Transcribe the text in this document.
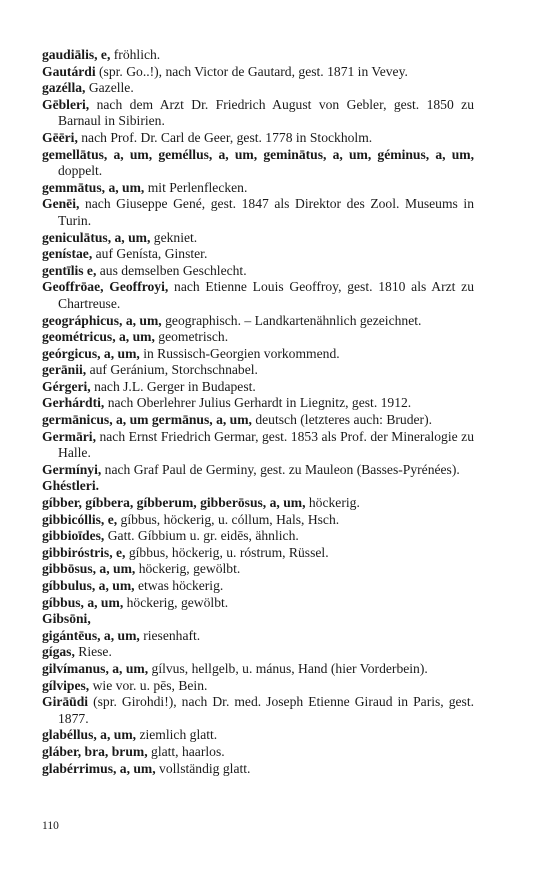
gaudiālis, e, fröhlich.
Gautárdi (spr. Go..!), nach Victor de Gautard, gest. 1871 in Vevey.
gazélla, Gazelle.
Gēbleri, nach dem Arzt Dr. Friedrich August von Gebler, gest. 1850 zu Barnaul in Sibirien.
Gēēri, nach Prof. Dr. Carl de Geer, gest. 1778 in Stockholm.
gemellātus, a, um, geméllus, a, um, geminātus, a, um, géminus, a, um, doppelt.
gemmātus, a, um, mit Perlenflecken.
Genēi, nach Giuseppe Gené, gest. 1847 als Direktor des Zool. Museums in Turin.
geniculātus, a, um, gekniet.
genístae, auf Genísta, Ginster.
gentīlis e, aus demselben Geschlecht.
Geoffrōae, Geoffroyi, nach Etienne Louis Geoffroy, gest. 1810 als Arzt zu Chartreuse.
geográphicus, a, um, geographisch. – Landkartenähnlich gezeichnet.
geométricus, a, um, geometrisch.
geórgicus, a, um, in Russisch-Georgien vorkommend.
gerānii, auf Geránium, Storchschnabel.
Gérgeri, nach J.L. Gerger in Budapest.
Gerhárdti, nach Oberlehrer Julius Gerhardt in Liegnitz, gest. 1912.
germānicus, a, um germānus, a, um, deutsch (letzteres auch: Bruder).
Germāri, nach Ernst Friedrich Germar, gest. 1853 als Prof. der Mineralogie zu Halle.
Germínyi, nach Graf Paul de Germiny, gest. zu Mauleon (Basses-Pyrénées).
Ghéstleri.
gíbber, gíbbera, gíbberum, gibberōsus, a, um, höckerig.
gibbicóllis, e, gíbbus, höckerig, u. cóllum, Hals, Hsch.
gibbioīdes, Gatt. Gíbbium u. gr. eidēs, ähnlich.
gibbiróstris, e, gíbbus, höckerig, u. róstrum, Rüssel.
gibbōsus, a, um, höckerig, gewölbt.
gíbbulus, a, um, etwas höckerig.
gíbbus, a, um, höckerig, gewölbt.
Gibsōni,
gigántēus, a, um, riesenhaft.
gígas, Riese.
gilvímanus, a, um, gílvus, hellgelb, u. mánus, Hand (hier Vorderbein).
gílvipes, wie vor. u. pēs, Bein.
Girāūdi (spr. Girohdi!), nach Dr. med. Joseph Etienne Giraud in Paris, gest. 1877.
glabéllus, a, um, ziemlich glatt.
gláber, bra, brum, glatt, haarlos.
glabérrimus, a, um, vollständig glatt.
110
